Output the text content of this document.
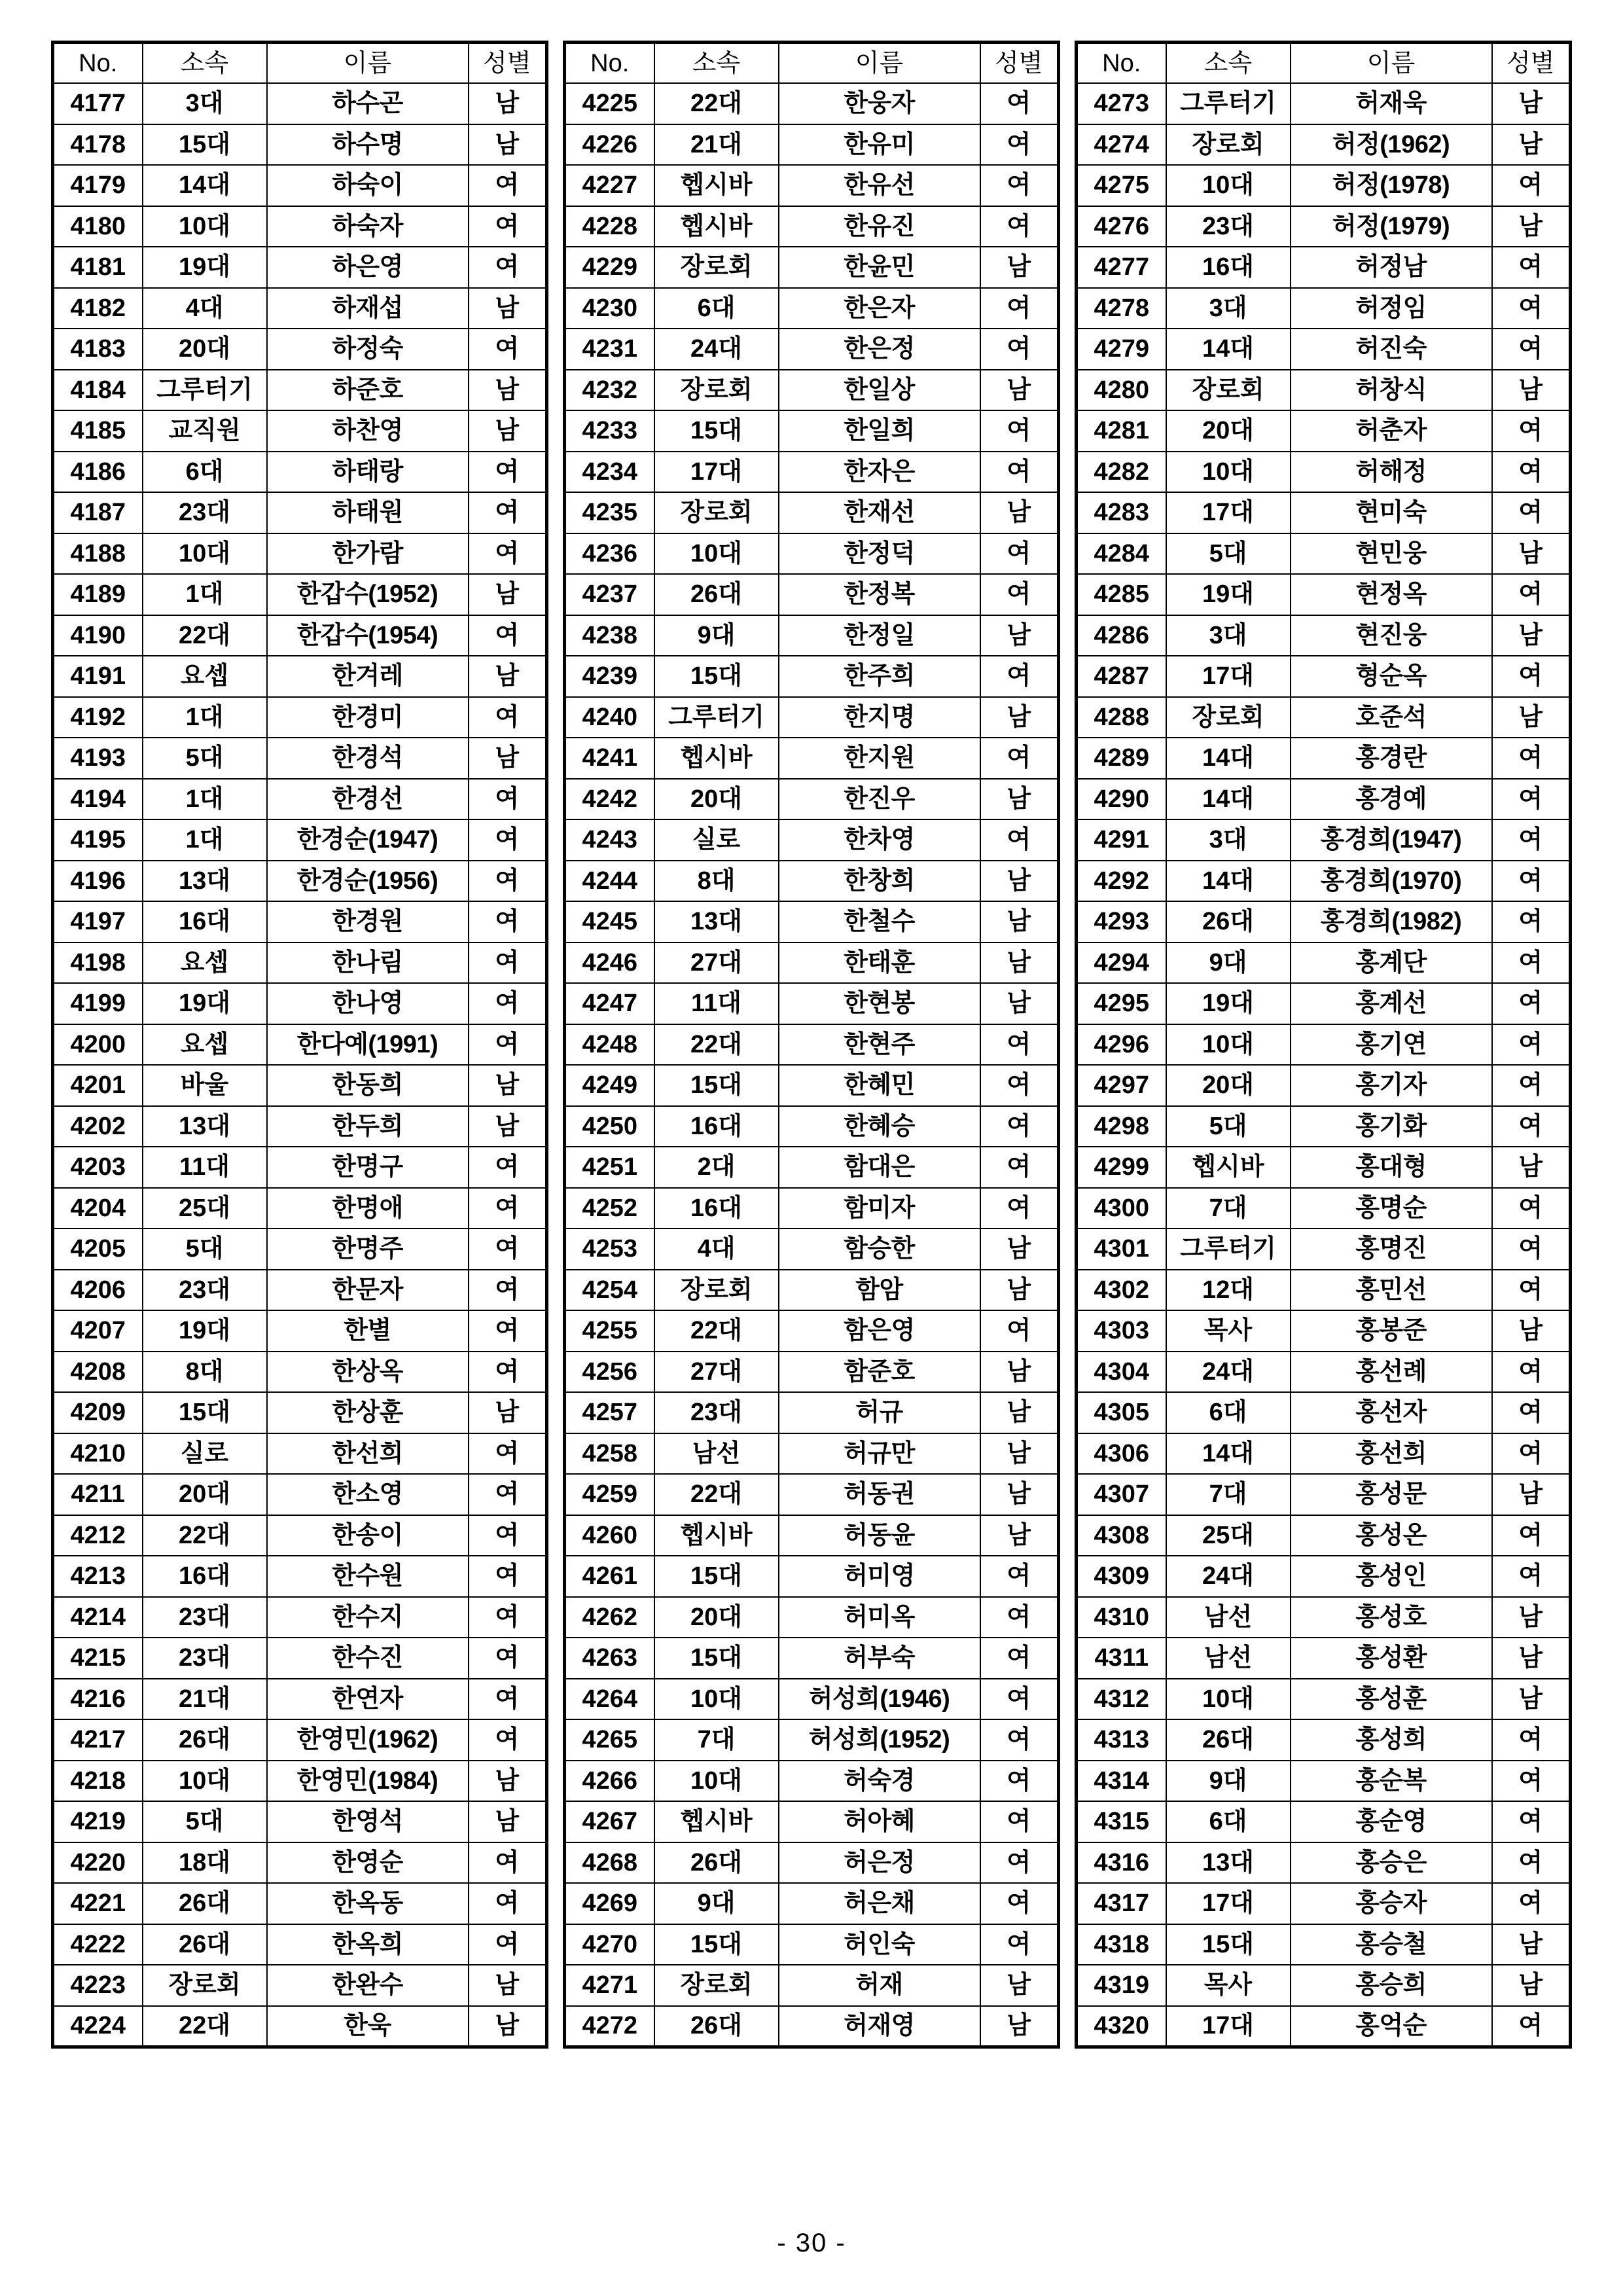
No.	소속	이름	성별
4177	3대	하수곤	남
4178	15대	하수명	남
4179	14대	하숙이	여
4180	10대	하숙자	여
4181	19대	하은영	여
4182	4대	하재섭	남
4183	20대	하정숙	여
4184	그루터기	하준호	남
4185	교직원	하찬영	남
4186	6대	하태랑	여
4187	23대	하태원	여
4188	10대	한가람	여
4189	1대	한갑수(1952)	남
4190	22대	한갑수(1954)	여
4191	요셉	한겨레	남
4192	1대	한경미	여
4193	5대	한경석	남
4194	1대	한경선	여
4195	1대	한경순(1947)	여
4196	13대	한경순(1956)	여
4197	16대	한경원	여
4198	요셉	한나림	여
4199	19대	한나영	여
4200	요셉	한다예(1991)	여
4201	바울	한동희	남
4202	13대	한두희	남
4203	11대	한명구	여
4204	25대	한명애	여
4205	5대	한명주	여
4206	23대	한문자	여
4207	19대	한별	여
4208	8대	한상옥	여
4209	15대	한상훈	남
4210	실로	한선희	여
4211	20대	한소영	여
4212	22대	한송이	여
4213	16대	한수원	여
4214	23대	한수지	여
4215	23대	한수진	여
4216	21대	한연자	여
4217	26대	한영민(1962)	여
4218	10대	한영민(1984)	남
4219	5대	한영석	남
4220	18대	한영순	여
4221	26대	한옥동	여
4222	26대	한옥희	여
4223	장로회	한완수	남
4224	22대	한욱	남
No.	소속	이름	성별
4225	22대	한웅자	여
4226	21대	한유미	여
4227	헵시바	한유선	여
4228	헵시바	한유진	여
4229	장로회	한윤민	남
4230	6대	한은자	여
4231	24대	한은정	여
4232	장로회	한일상	남
4233	15대	한일희	여
4234	17대	한자은	여
4235	장로회	한재선	남
4236	10대	한정덕	여
4237	26대	한정복	여
4238	9대	한정일	남
4239	15대	한주희	여
4240	그루터기	한지명	남
4241	헵시바	한지원	여
4242	20대	한진우	남
4243	실로	한차영	여
4244	8대	한창희	남
4245	13대	한철수	남
4246	27대	한태훈	남
4247	11대	한현봉	남
4248	22대	한현주	여
4249	15대	한혜민	여
4250	16대	한혜승	여
4251	2대	함대은	여
4252	16대	함미자	여
4253	4대	함승한	남
4254	장로회	함암	남
4255	22대	함은영	여
4256	27대	함준호	남
4257	23대	허규	남
4258	남선	허규만	남
4259	22대	허동권	남
4260	헵시바	허동윤	남
4261	15대	허미영	여
4262	20대	허미옥	여
4263	15대	허부숙	여
4264	10대	허성희(1946)	여
4265	7대	허성희(1952)	여
4266	10대	허숙경	여
4267	헵시바	허아혜	여
4268	26대	허은정	여
4269	9대	허은채	여
4270	15대	허인숙	여
4271	장로회	허재	남
4272	26대	허재영	남
No.	소속	이름	성별
4273	그루터기	허재욱	남
4274	장로회	허정(1962)	남
4275	10대	허정(1978)	여
4276	23대	허정(1979)	남
4277	16대	허정남	여
4278	3대	허정임	여
4279	14대	허진숙	여
4280	장로회	허창식	남
4281	20대	허춘자	여
4282	10대	허해정	여
4283	17대	현미숙	여
4284	5대	현민웅	남
4285	19대	현정옥	여
4286	3대	현진웅	남
4287	17대	형순옥	여
4288	장로회	호준석	남
4289	14대	홍경란	여
4290	14대	홍경예	여
4291	3대	홍경희(1947)	여
4292	14대	홍경희(1970)	여
4293	26대	홍경희(1982)	여
4294	9대	홍계단	여
4295	19대	홍계선	여
4296	10대	홍기연	여
4297	20대	홍기자	여
4298	5대	홍기화	여
4299	헵시바	홍대형	남
4300	7대	홍명순	여
4301	그루터기	홍명진	여
4302	12대	홍민선	여
4303	목사	홍봉준	남
4304	24대	홍선례	여
4305	6대	홍선자	여
4306	14대	홍선희	여
4307	7대	홍성문	남
4308	25대	홍성온	여
4309	24대	홍성인	여
4310	남선	홍성호	남
4311	남선	홍성환	남
4312	10대	홍성훈	남
4313	26대	홍성희	여
4314	9대	홍순복	여
4315	6대	홍순영	여
4316	13대	홍승은	여
4317	17대	홍승자	여
4318	15대	홍승철	남
4319	목사	홍승희	남
4320	17대	홍억순	여
- 30 -
